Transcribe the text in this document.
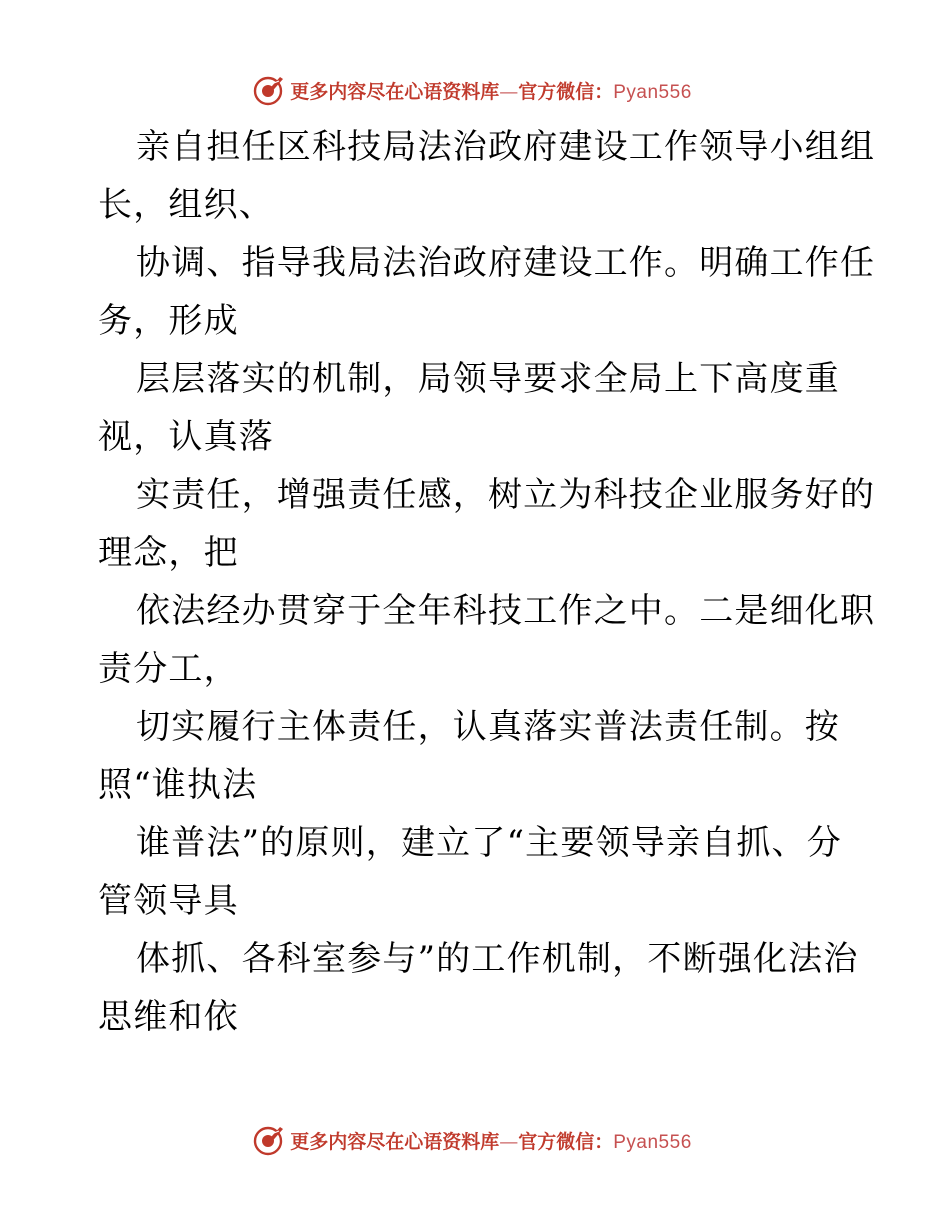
更多内容尽在心语资料库—官方微信：Pyan556
亲自担任区科技局法治政府建设工作领导小组组
长，组织、
协调、指导我局法治政府建设工作。明确工作任
务，形成
层层落实的机制，局领导要求全局上下高度重
视，认真落
实责任，增强责任感，树立为科技企业服务好的
理念，把
依法经办贯穿于全年科技工作之中。二是细化职
责分工，
切实履行主体责任，认真落实普法责任制。按
照“谁执法
谁普法”的原则，建立了“主要领导亲自抓、分
管领导具
体抓、各科室参与”的工作机制，不断强化法治
思维和依
更多内容尽在心语资料库—官方微信：Pyan556
